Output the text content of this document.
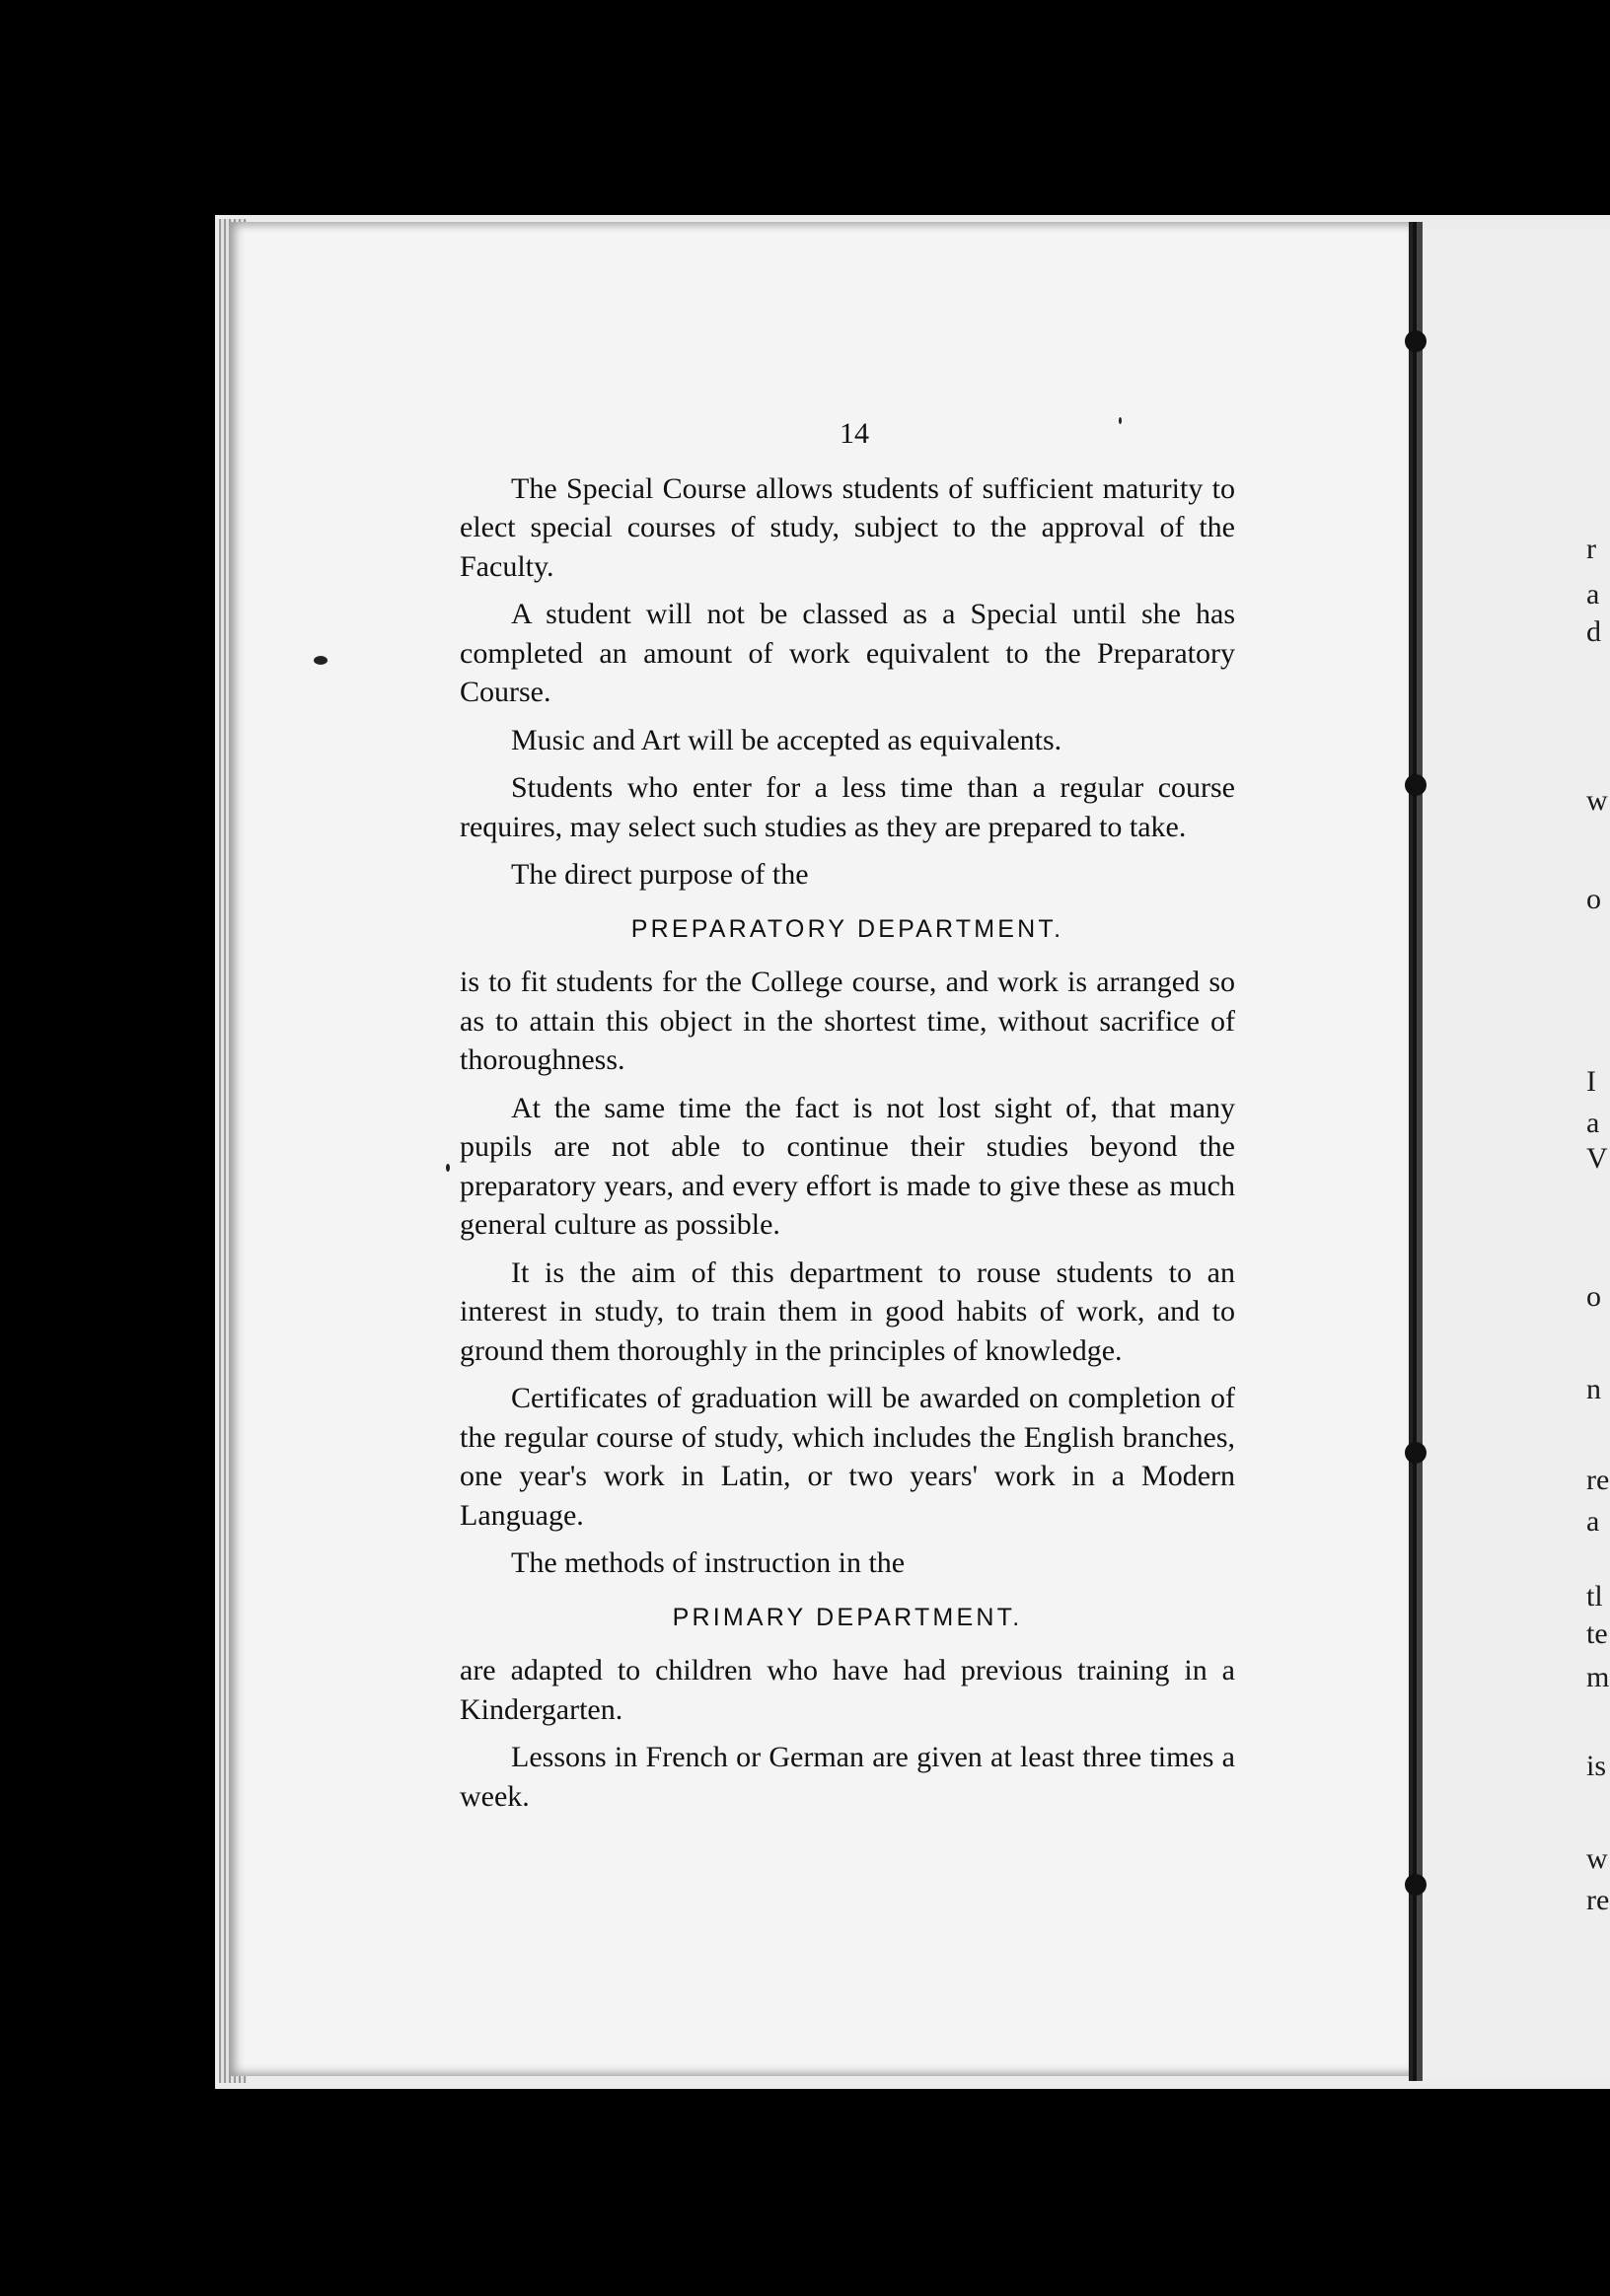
r
a
d
w
o
I
a
V
o
n
re
a
tl
te
m
is
w
re
14

The Special Course allows students of sufficient maturity to elect special courses of study, subject to the approval of the Faculty.

A student will not be classed as a Special until she has completed an amount of work equivalent to the Preparatory Course.

Music and Art will be accepted as equivalents.

Students who enter for a less time than a regular course requires, may select such studies as they are prepared to take.

The direct purpose of the

PREPARATORY DEPARTMENT.

is to fit students for the College course, and work is arranged so as to attain this object in the shortest time, without sacrifice of thoroughness.

At the same time the fact is not lost sight of, that many pupils are not able to continue their studies beyond the preparatory years, and every effort is made to give these as much general culture as possible.

It is the aim of this department to rouse students to an interest in study, to train them in good habits of work, and to ground them thoroughly in the principles of knowledge.

Certificates of graduation will be awarded on completion of the regular course of study, which includes the English branches, one year's work in Latin, or two years' work in a Modern Language.

The methods of instruction in the

PRIMARY DEPARTMENT.

are adapted to children who have had previous training in a Kindergarten.

Lessons in French or German are given at least three times a week.
